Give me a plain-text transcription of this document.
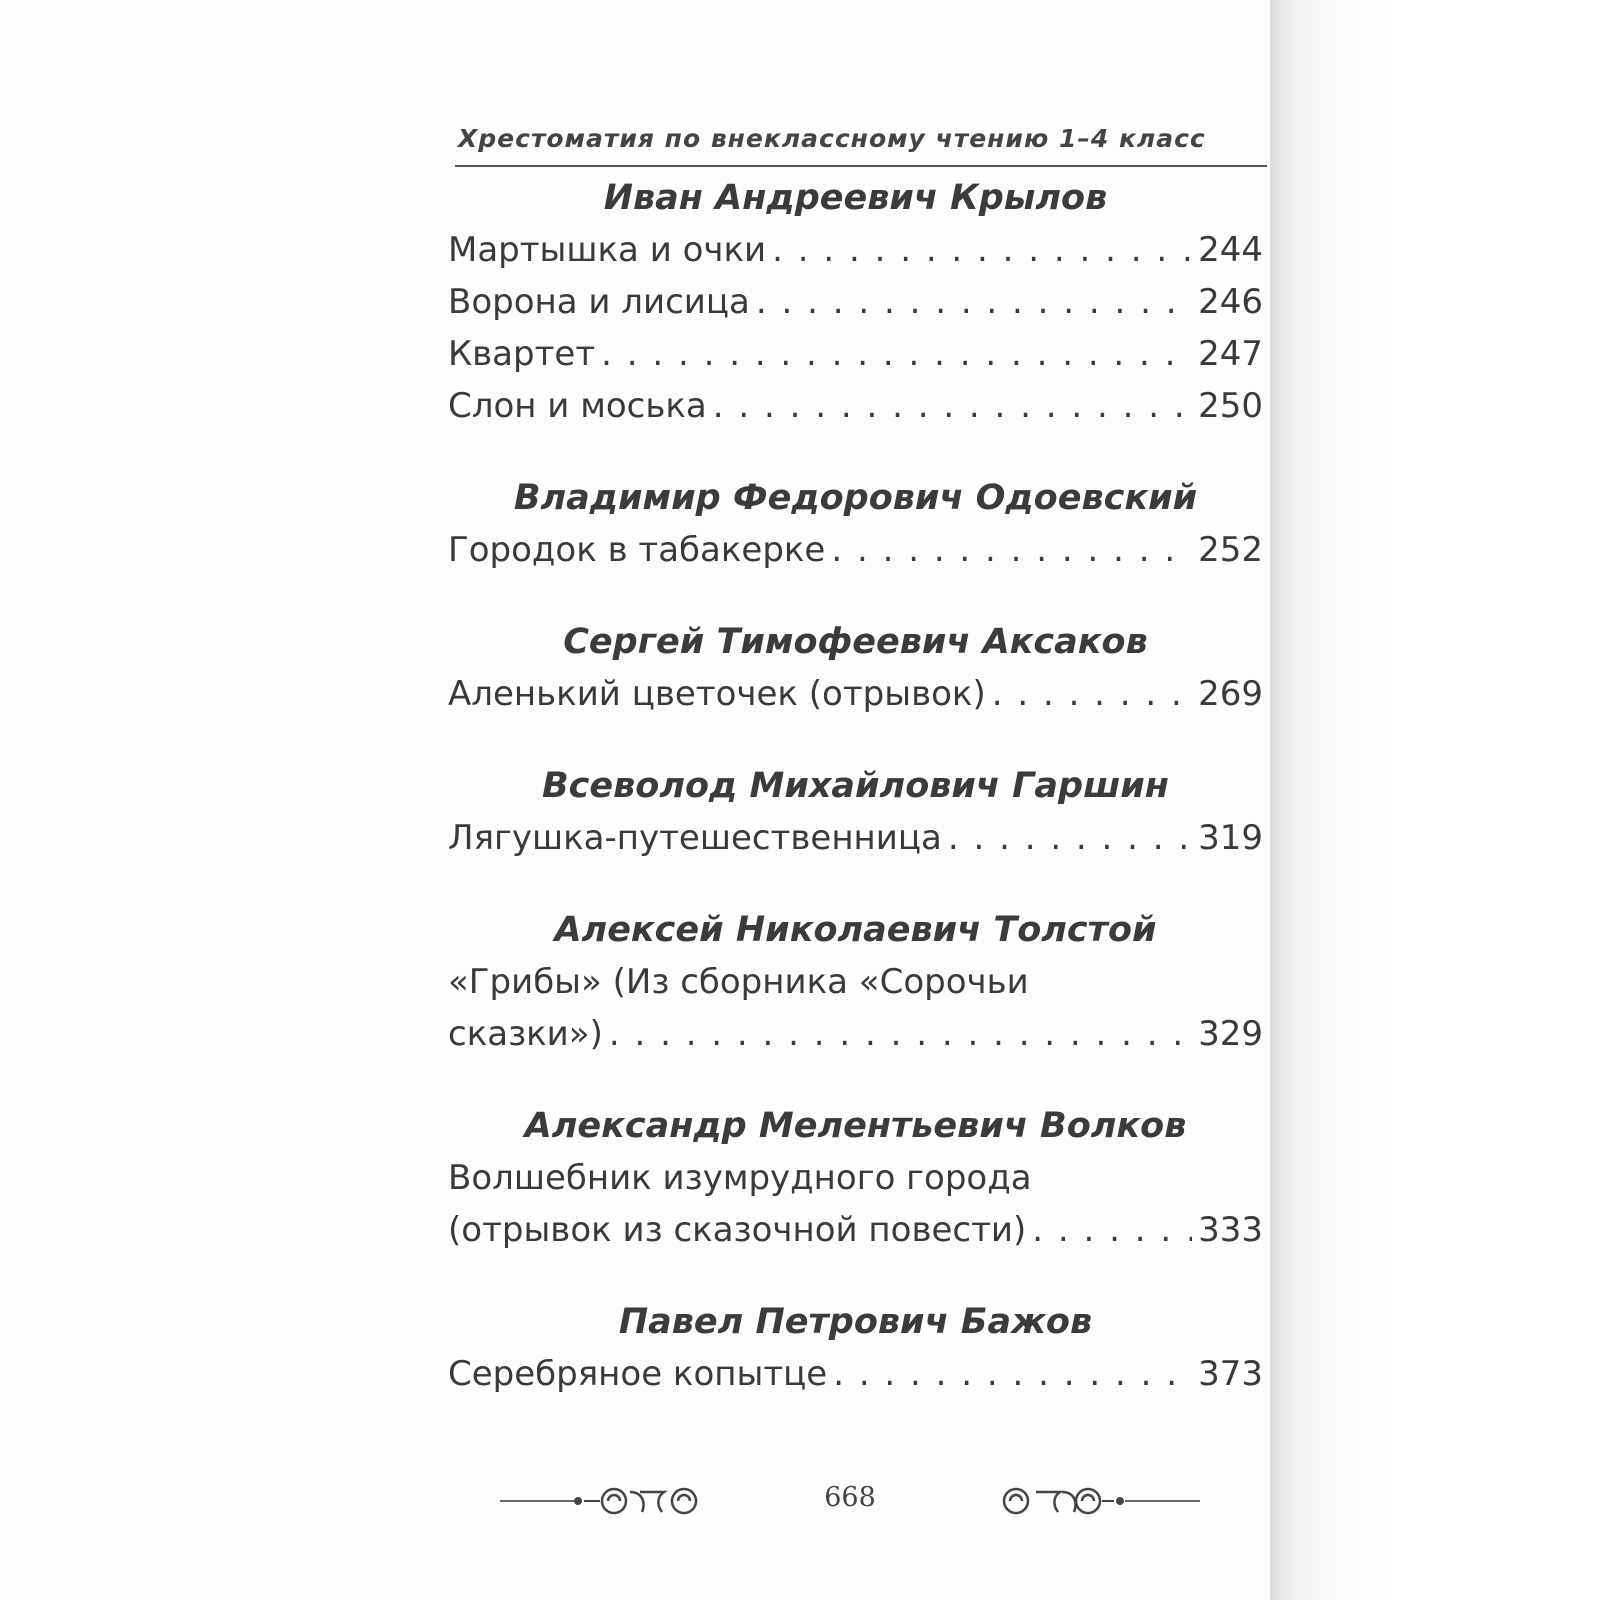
Хрестоматия по внеклассному чтению 1–4 класс
Иван Андреевич Крылов
Мартышка и очки . . .	244
Ворона и лисица . . .	246
Квартет . . .	247
Слон и моська . . .	250
Владимир Федорович Одоевский
Городок в табакерке . . .	252
Сергей Тимофеевич Аксаков
Аленький цветочек (отрывок) . . .	269
Всеволод Михайлович Гаршин
Лягушка-путешественница . . .	319
Алексей Николаевич Толстой
«Грибы» (Из сборника «Сорочьи
сказки») . . .	329
Александр Мелентьевич Волков
Волшебник изумрудного города
(отрывок из сказочной повести) . . .	333
Павел Петрович Бажов
Серебряное копытце . . .	373
668
